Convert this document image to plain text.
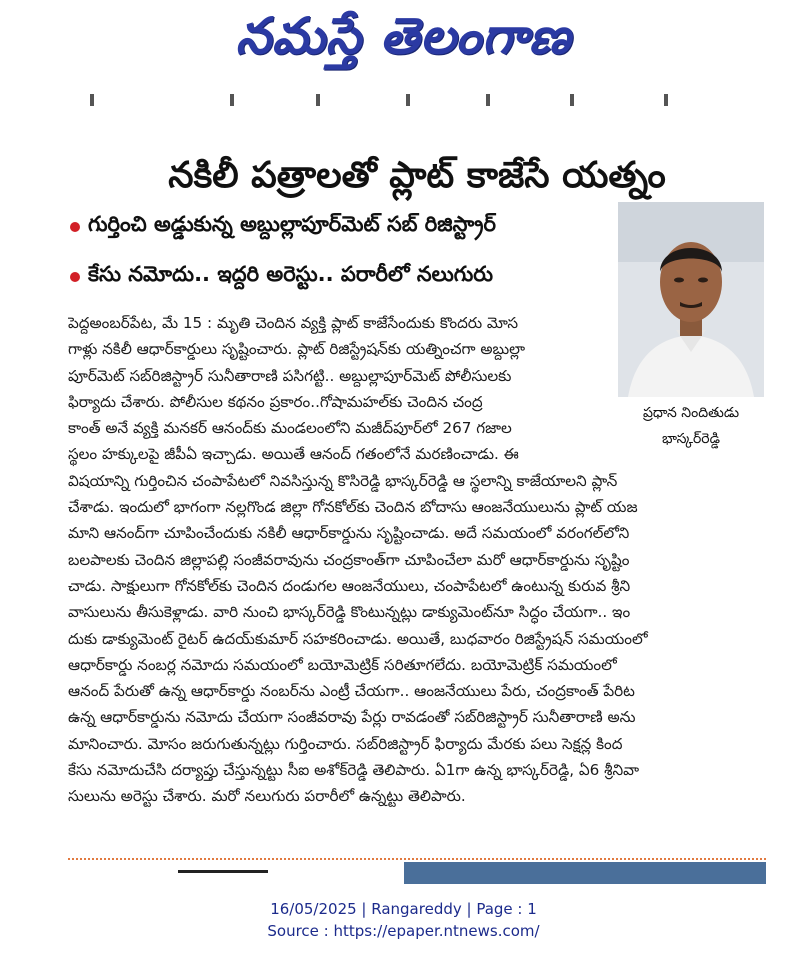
నమస్తే తెలంగాణ
నకిలీ పత్రాలతో ప్లాట్ కాజేసే యత్నం
గుర్తించి అడ్డుకున్న అబ్దుల్లాపూర్‌మెట్ సబ్ రిజిస్ట్రార్
కేసు నమోదు.. ఇద్దరి అరెస్టు.. పరారీలో నలుగురు
ప్రధాన నిందితుడు
భాస్కర్‌రెడ్డి
పెద్దఅంబర్‌పేట, మే 15 : మృతి చెందిన వ్యక్తి ప్లాట్ కాజేసేందుకు కొందరు మోస
గాళ్లు నకిలీ ఆధార్‌కార్డులు సృష్టించారు. ప్లాట్ రిజిస్ట్రేషన్‌కు యత్నించగా అబ్దుల్లా
పూర్‌మెట్ సబ్‌రిజిస్ట్రార్ సునీతారాణి పసిగట్టి.. అబ్దుల్లాపూర్‌మెట్ పోలీసులకు
ఫిర్యాదు చేశారు. పోలీసుల కథనం ప్రకారం..గోషామహల్‌కు చెందిన చంద్ర
కాంత్ అనే వ్యక్తి మనకర్ ఆనంద్‌కు మండలంలోని మజీద్‌పూర్‌లో 267 గజాల
స్థలం హక్కులపై జీపీఏ ఇచ్చాడు. అయితే ఆనంద్ గతంలోనే మరణించాడు. ఈ
విషయాన్ని గుర్తించిన చంపాపేటలో నివసిస్తున్న కొసిరెడ్డి భాస్కర్‌రెడ్డి ఆ స్థలాన్ని కాజేయాలని ప్లాన్
చేశాడు. ఇందులో భాగంగా నల్లగొండ జిల్లా గోనకోల్‌కు చెందిన బోదాసు ఆంజనేయులును ప్లాట్ యజ
మాని ఆనంద్‌గా చూపించేందుకు నకిలీ ఆధార్‌కార్డును సృష్టించాడు. అదే సమయంలో వరంగల్‌లోని
బలపాలకు చెందిన జిల్లాపల్లి సంజీవరావును చంద్రకాంత్‌గా చూపించేలా మరో ఆధార్‌కార్డును సృష్టిం
చాడు. సాక్షులుగా గోనకోల్‌కు చెందిన దండుగల ఆంజనేయులు, చంపాపేటలో ఉంటున్న కురువ శ్రీని
వాసులును తీసుకెళ్లాడు. వారి నుంచి భాస్కర్‌రెడ్డి కొంటున్నట్లు డాక్యుమెంట్‌నూ సిద్ధం చేయగా.. ఇం
దుకు డాక్యుమెంట్ రైటర్ ఉదయ్‌కుమార్ సహకరించాడు. అయితే, బుధవారం రిజిస్ట్రేషన్ సమయంలో
ఆధార్‌కార్డు నంబర్ల నమోదు సమయంలో బయోమెట్రిక్ సరితూగలేదు. బయోమెట్రిక్ సమయంలో
ఆనంద్ పేరుతో ఉన్న ఆధార్‌కార్డు నంబర్‌ను ఎంట్రీ చేయగా.. ఆంజనేయులు పేరు, చంద్రకాంత్ పేరిట
ఉన్న ఆధార్‌కార్డును నమోదు చేయగా సంజీవరావు పేర్లు రావడంతో సబ్‌రిజిస్ట్రార్ సునీతారాణి అను
మానించారు. మోసం జరుగుతున్నట్లు గుర్తించారు. సబ్‌రిజిస్ట్రార్ ఫిర్యాదు మేరకు పలు సెక్షన్ల కింద
కేసు నమోదుచేసి దర్యాప్తు చేస్తున్నట్టు సీఐ అశోక్‌రెడ్డి తెలిపారు. ఏ1గా ఉన్న భాస్కర్‌రెడ్డి, ఏ6 శ్రీనివా
సులును అరెస్టు చేశారు. మరో నలుగురు పరారీలో ఉన్నట్టు తెలిపారు.
16/05/2025 | Rangareddy | Page : 1
Source : https://epaper.ntnews.com/
